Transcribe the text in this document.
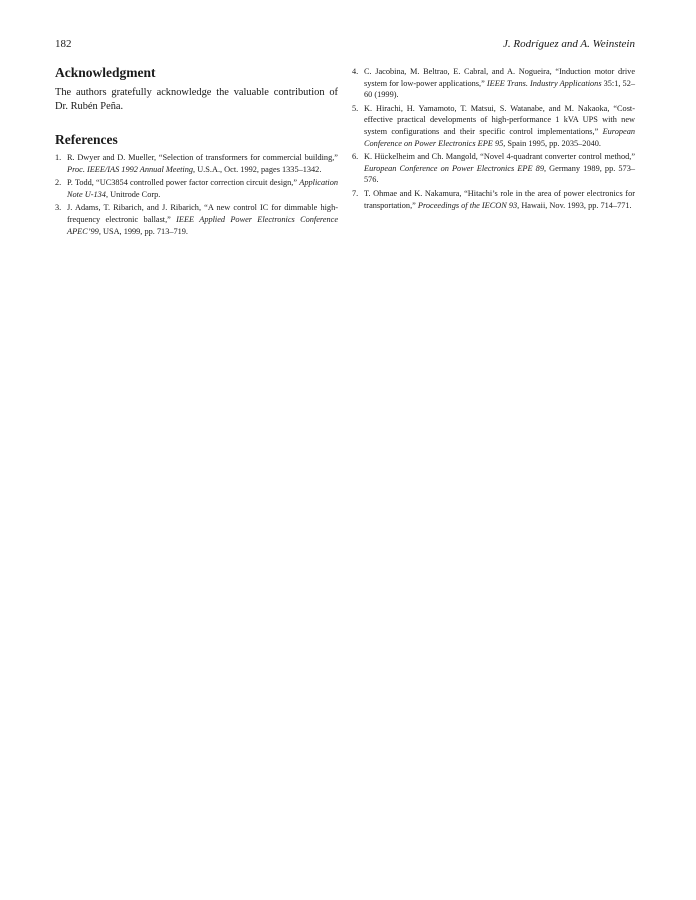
182	J. Rodríguez and A. Weinstein
Acknowledgment

The authors gratefully acknowledge the valuable contribution of Dr. Rubén Peña.

References
1. R. Dwyer and D. Mueller, “Selection of transformers for commercial building,” Proc. IEEE/IAS 1992 Annual Meeting, U.S.A., Oct. 1992, pages 1335–1342.
2. P. Todd, “UC3854 controlled power factor correction circuit design,” Application Note U-134, Unitrode Corp.
3. J. Adams, T. Ribarich, and J. Ribarich, “A new control IC for dimmable high-frequency electronic ballast,” IEEE Applied Power Electronics Conference APEC’99, USA, 1999, pp. 713–719.
4. C. Jacobina, M. Beltrao, E. Cabral, and A. Nogueira, “Induction motor drive system for low-power applications,” IEEE Trans. Industry Applications 35:1, 52–60 (1999).
5. K. Hirachi, H. Yamamoto, T. Matsui, S. Watanabe, and M. Nakaoka, “Cost-effective practical developments of high-performance 1 kVA UPS with new system configurations and their specific control implementations,” European Conference on Power Electronics EPE 95, Spain 1995, pp. 2035–2040.
6. K. Hückelheim and Ch. Mangold, “Novel 4-quadrant converter control method,” European Conference on Power Electronics EPE 89, Germany 1989, pp. 573–576.
7. T. Ohmae and K. Nakamura, “Hitachi’s role in the area of power electronics for transportation,” Proceedings of the IECON 93, Hawaii, Nov. 1993, pp. 714–771.
